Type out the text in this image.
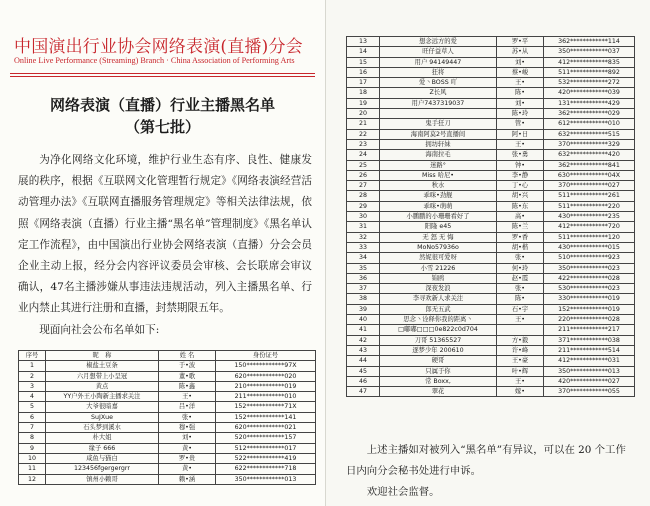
中国演出行业协会网络表演(直播)分会
Online Live Performance (Streaming) Branch · China Association of Performing Arts
网络表演（直播）行业主播黑名单
（第七批）

为净化网络文化环境，维护行业生态有序、良性、健康发展的秩序，根据《互联网文化管理暂行规定》《网络表演经营活动管理办法》《互联网直播服务管理规定》等相关法律法规，依照《网络表演（直播）行业主播“黑名单”管理制度》《黑名单认定工作流程》，由中国演出行业协会网络表演（直播）分会会员企业主动上报，经分会内容评议委员会审核、会长联席会审议确认，47名主播涉嫌从事违法违规活动，列入主播黑名单、行业内禁止其进行注册和直播，封禁期限五年。

现面向社会公布名单如下:

序号	昵　称	姓 名	身份证号
1	椒盐土豆条	于•波	150************97X
2	六月想带上小呈冠	董•歌	620************020
3	黄点	陈•鑫	210************019
4	YY户外王小陶新主播求关注	王•	211************010
5	大爷很暗嘉	吕•洋	152************71X
6	SuJXue	张•	152************141
7	石头梦到溪水	穆•强	620************021
8	朴大姐	刘•	520************157
9	缘子 666	黄•	512************017
10	咸鱼与猫白	罗•贵	522************419
11	123456fgergergrr	黄•	622************718
12	镇州小赖哥	赖•涵	350************013
13	想念远方的爱	罗•平	362************114
14	旺仔益草人	苏•从	350************037
15	用户 94149447	刘•	412************835
16	狂将	蔡•峻	511************892
17	爱丶BOSS 吖	王•	532************272
18	Z长风	陈•	420************039
19	用户7437319037	刘•	131************429
20		陈•玲	362************029
21	鬼手狂刀	管•	612************010
22	海南阿莫2号直播间	阿•日	632************515
23	拥坊轩妹	王•	370************329
24	海南拉毛	张•勇	632************420
25	迷路°	钟•	362************841
26	Miss 哈尼•	李•静	630************04X
27	秋水	丁•心	370************027
28	乖咪•劲舰	胡•兴	511************261
29	乖咪•萌萌	陈•东	511************220
30	小鹏鹏的小珊珊看好了	高•	430************235
31	阳隆 e45	陈•兰	412************720
32	无 怒 无 悔	罗•香	511************120
33	MoNo57936o	胡•楷	430************015
34	然妮很可爱呀	张•	510************923
35	小雪 21226	何•玲	350************023
36	锦鸥	赵•霞	422************028
37	深夜发浪	张•	530************023
38	李寻欢新人求关注	陈•	330************019
39	郎无五武	石•宇	152************019
40	思念丶诠释你我的距离丶	王•	220************028
41	□嘟嘟□□□0e822c0d704		211************217
42	刀哥 51365527	方•毅	371************038
43	逐梦少年 200610	许•峰	211************514
44	硬哥	王•豪	412************031
45	只属于你	叶•辉	350************013
46	常 Boxx,	王•	420************027
47	翠花	嫁•	370************055

上述主播如对被列入“黑名单”有异议，可以在 20 个工作日内向分会秘书处进行申诉。

欢迎社会监督。
